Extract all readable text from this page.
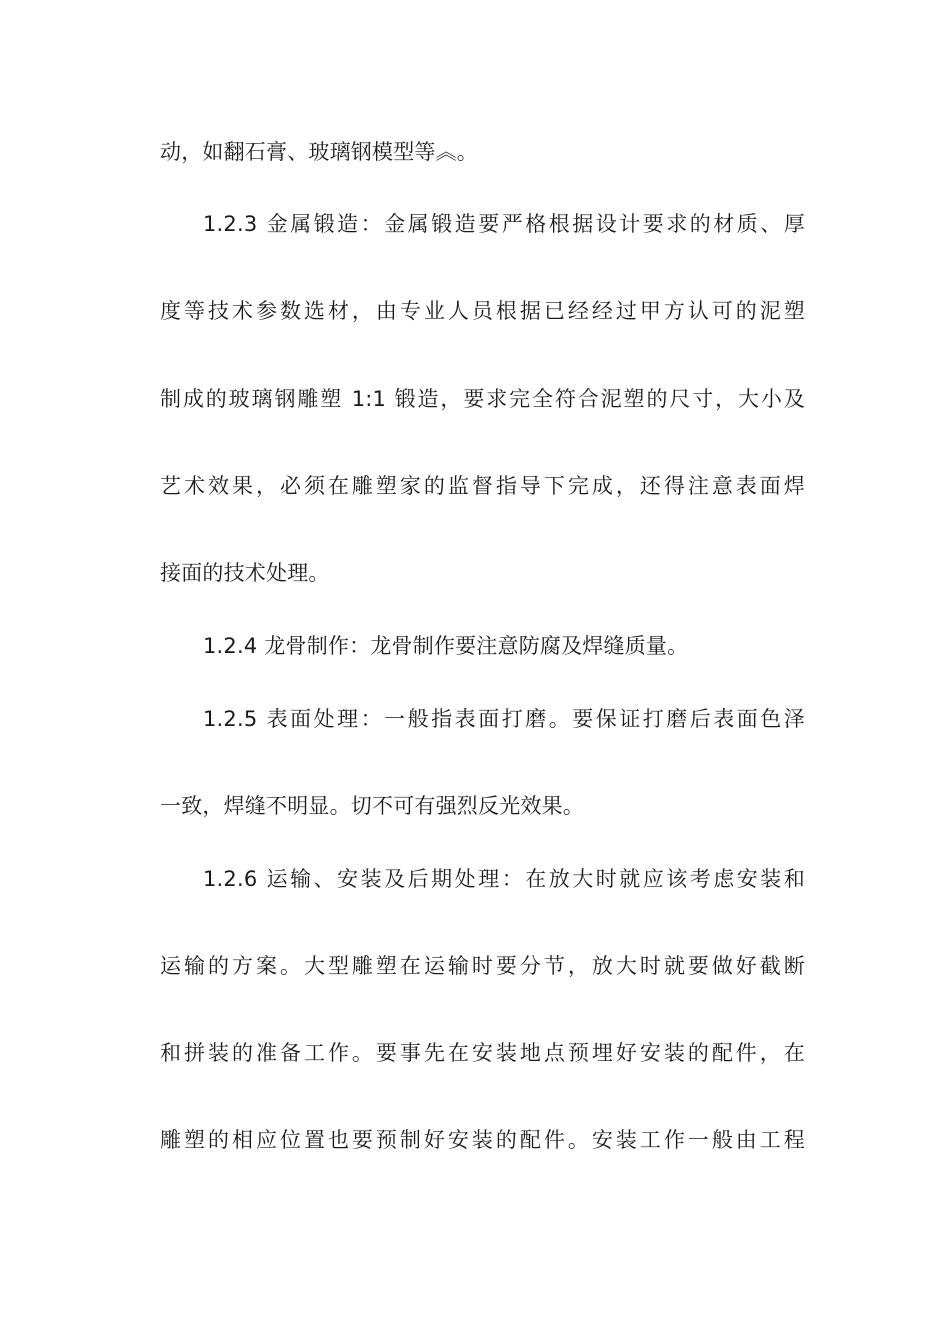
动，如翻石膏、玻璃钢模型等︽。
1.2.3 金属锻造：金属锻造要严格根据设计要求的材质、厚
度等技术参数选材，由专业人员根据已经经过甲方认可的泥塑
制成的玻璃钢雕塑 1:1 锻造，要求完全符合泥塑的尺寸，大小及
艺术效果，必须在雕塑家的监督指导下完成，还得注意表面焊
接面的技术处理。
1.2.4 龙骨制作：龙骨制作要注意防腐及焊缝质量。
1.2.5 表面处理：一般指表面打磨。要保证打磨后表面色泽
一致，焊缝不明显。切不可有强烈反光效果。
1.2.6 运输、安装及后期处理：在放大时就应该考虑安装和
运输的方案。大型雕塑在运输时要分节，放大时就要做好截断
和拼装的准备工作。要事先在安装地点预埋好安装的配件，在
雕塑的相应位置也要预制好安装的配件。安装工作一般由工程
